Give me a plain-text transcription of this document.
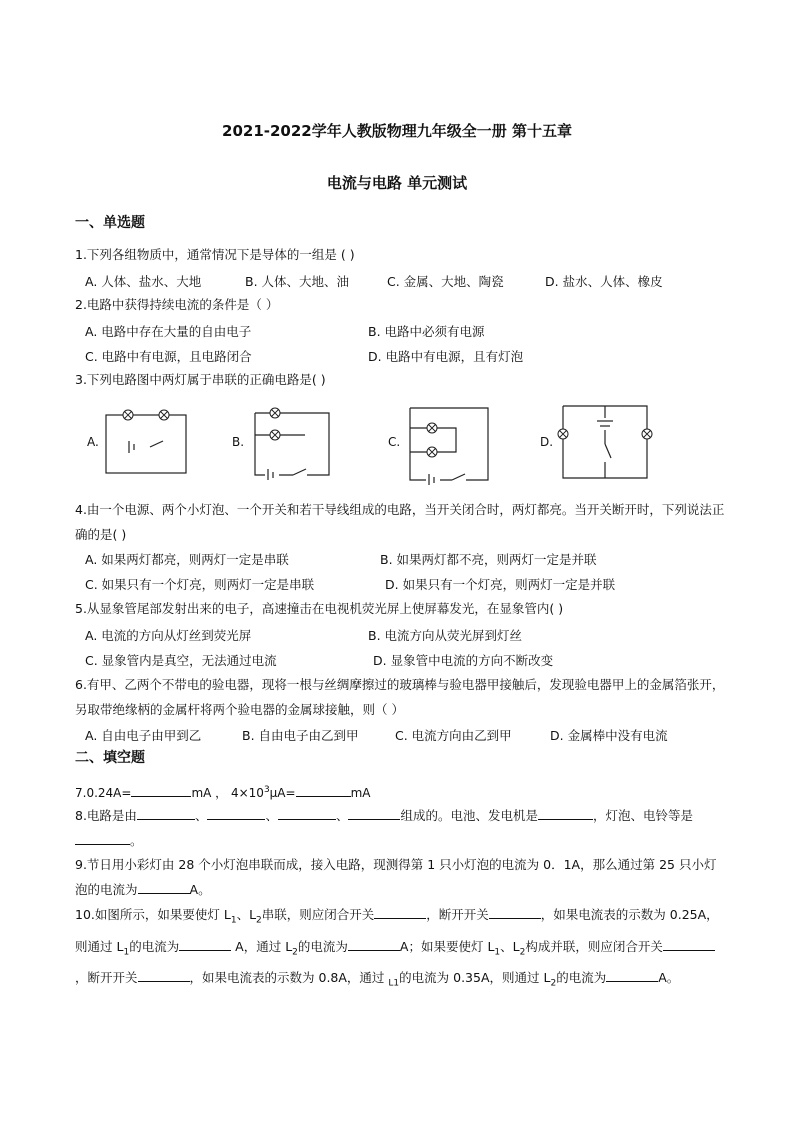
2021-2022学年人教版物理九年级全一册 第十五章
电流与电路 单元测试
一、单选题
1.下列各组物质中，通常情况下是导体的一组是 ( )
A. 人体、盐水、大地	B. 人体、大地、油	C. 金属、大地、陶瓷	D. 盐水、人体、橡皮
2.电路中获得持续电流的条件是（ ）
A. 电路中存在大量的自由电子	B. 电路中必须有电源
C. 电路中有电源，且电路闭合	D. 电路中有电源，且有灯泡
3.下列电路图中两灯属于串联的正确电路是( )
A.	B.	C.	D.
4.由一个电源、两个小灯泡、一个开关和若干导线组成的电路，当开关闭合时，两灯都亮。当开关断开时，下列说法正确的是( )
A. 如果两灯都亮，则两灯一定是串联	B. 如果两灯都不亮，则两灯一定是并联
C. 如果只有一个灯亮，则两灯一定是串联	D. 如果只有一个灯亮，则两灯一定是并联
5.从显象管尾部发射出来的电子，高速撞击在电视机荧光屏上使屏幕发光，在显象管内( )
A. 电流的方向从灯丝到荧光屏	B. 电流方向从荧光屏到灯丝
C. 显象管内是真空，无法通过电流	D. 显象管中电流的方向不断改变
6.有甲、乙两个不带电的验电器，现将一根与丝绸摩擦过的玻璃棒与验电器甲接触后，发现验电器甲上的金属箔张开，另取带绝缘柄的金属杆将两个验电器的金属球接触，则（ ）
A. 自由电子由甲到乙	B. 自由电子由乙到甲	C. 电流方向由乙到甲	D. 金属棒中没有电流
二、填空题
7.0.24A=	mA ， $4\times 10^3\mu A=$	mA
8.电路是由	、	、	、	组成的。电池、发电机是	，灯泡、电铃等是。
9.节日用小彩灯由 28 个小灯泡串联而成，接入电路，现测得第 1 只小灯泡的电流为 0．1A，那么通过第 25 只小灯泡的电流为	A。
10.如图所示，如果要使灯 $L_1$、$L_2$串联，则应闭合开关	，断开开关	，如果电流表的示数为 0.25A，则通过 $L_1$的电流为	A，通过 $L_2$的电流为	A；如果要使灯 $L_1$、$L_2$构成并联，则应闭合开关，断开开关	，如果电流表的示数为 0.8A，通过 $_{L1}$的电流为 0.35A，则通过 $L_2$的电流为	A。
